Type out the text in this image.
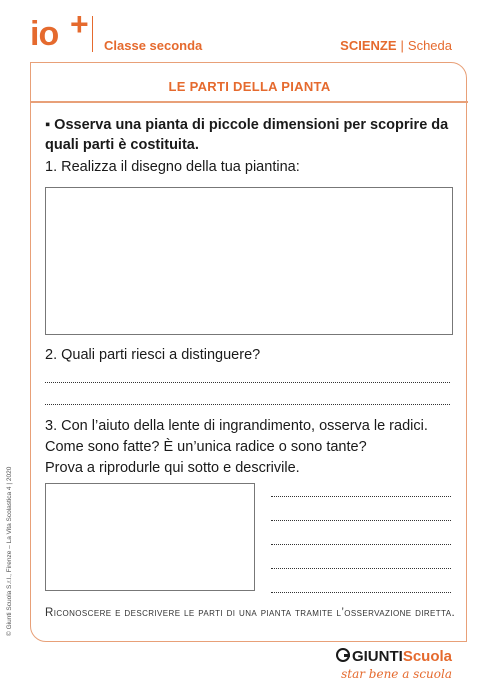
io +
Classe seconda	SCIENZE | Scheda
LE PARTI DELLA PIANTA
▪ Osserva una pianta di piccole dimensioni per scoprire da quali parti è costituita.
1. Realizza il disegno della tua piantina:
2. Quali parti riesci a distinguere?
3. Con l’aiuto della lente di ingrandimento, osserva le radici.
Come sono fatte? È un’unica radice o sono tante?
Prova a riprodurle qui sotto e descrivile.
Riconoscere e descrivere le parti di una pianta tramite l’osservazione diretta.
© Giunti Scuola S.r.l., Firenze – La Vita Scolastica 4 | 2020
GIUNTIScuola
star bene a scuola
